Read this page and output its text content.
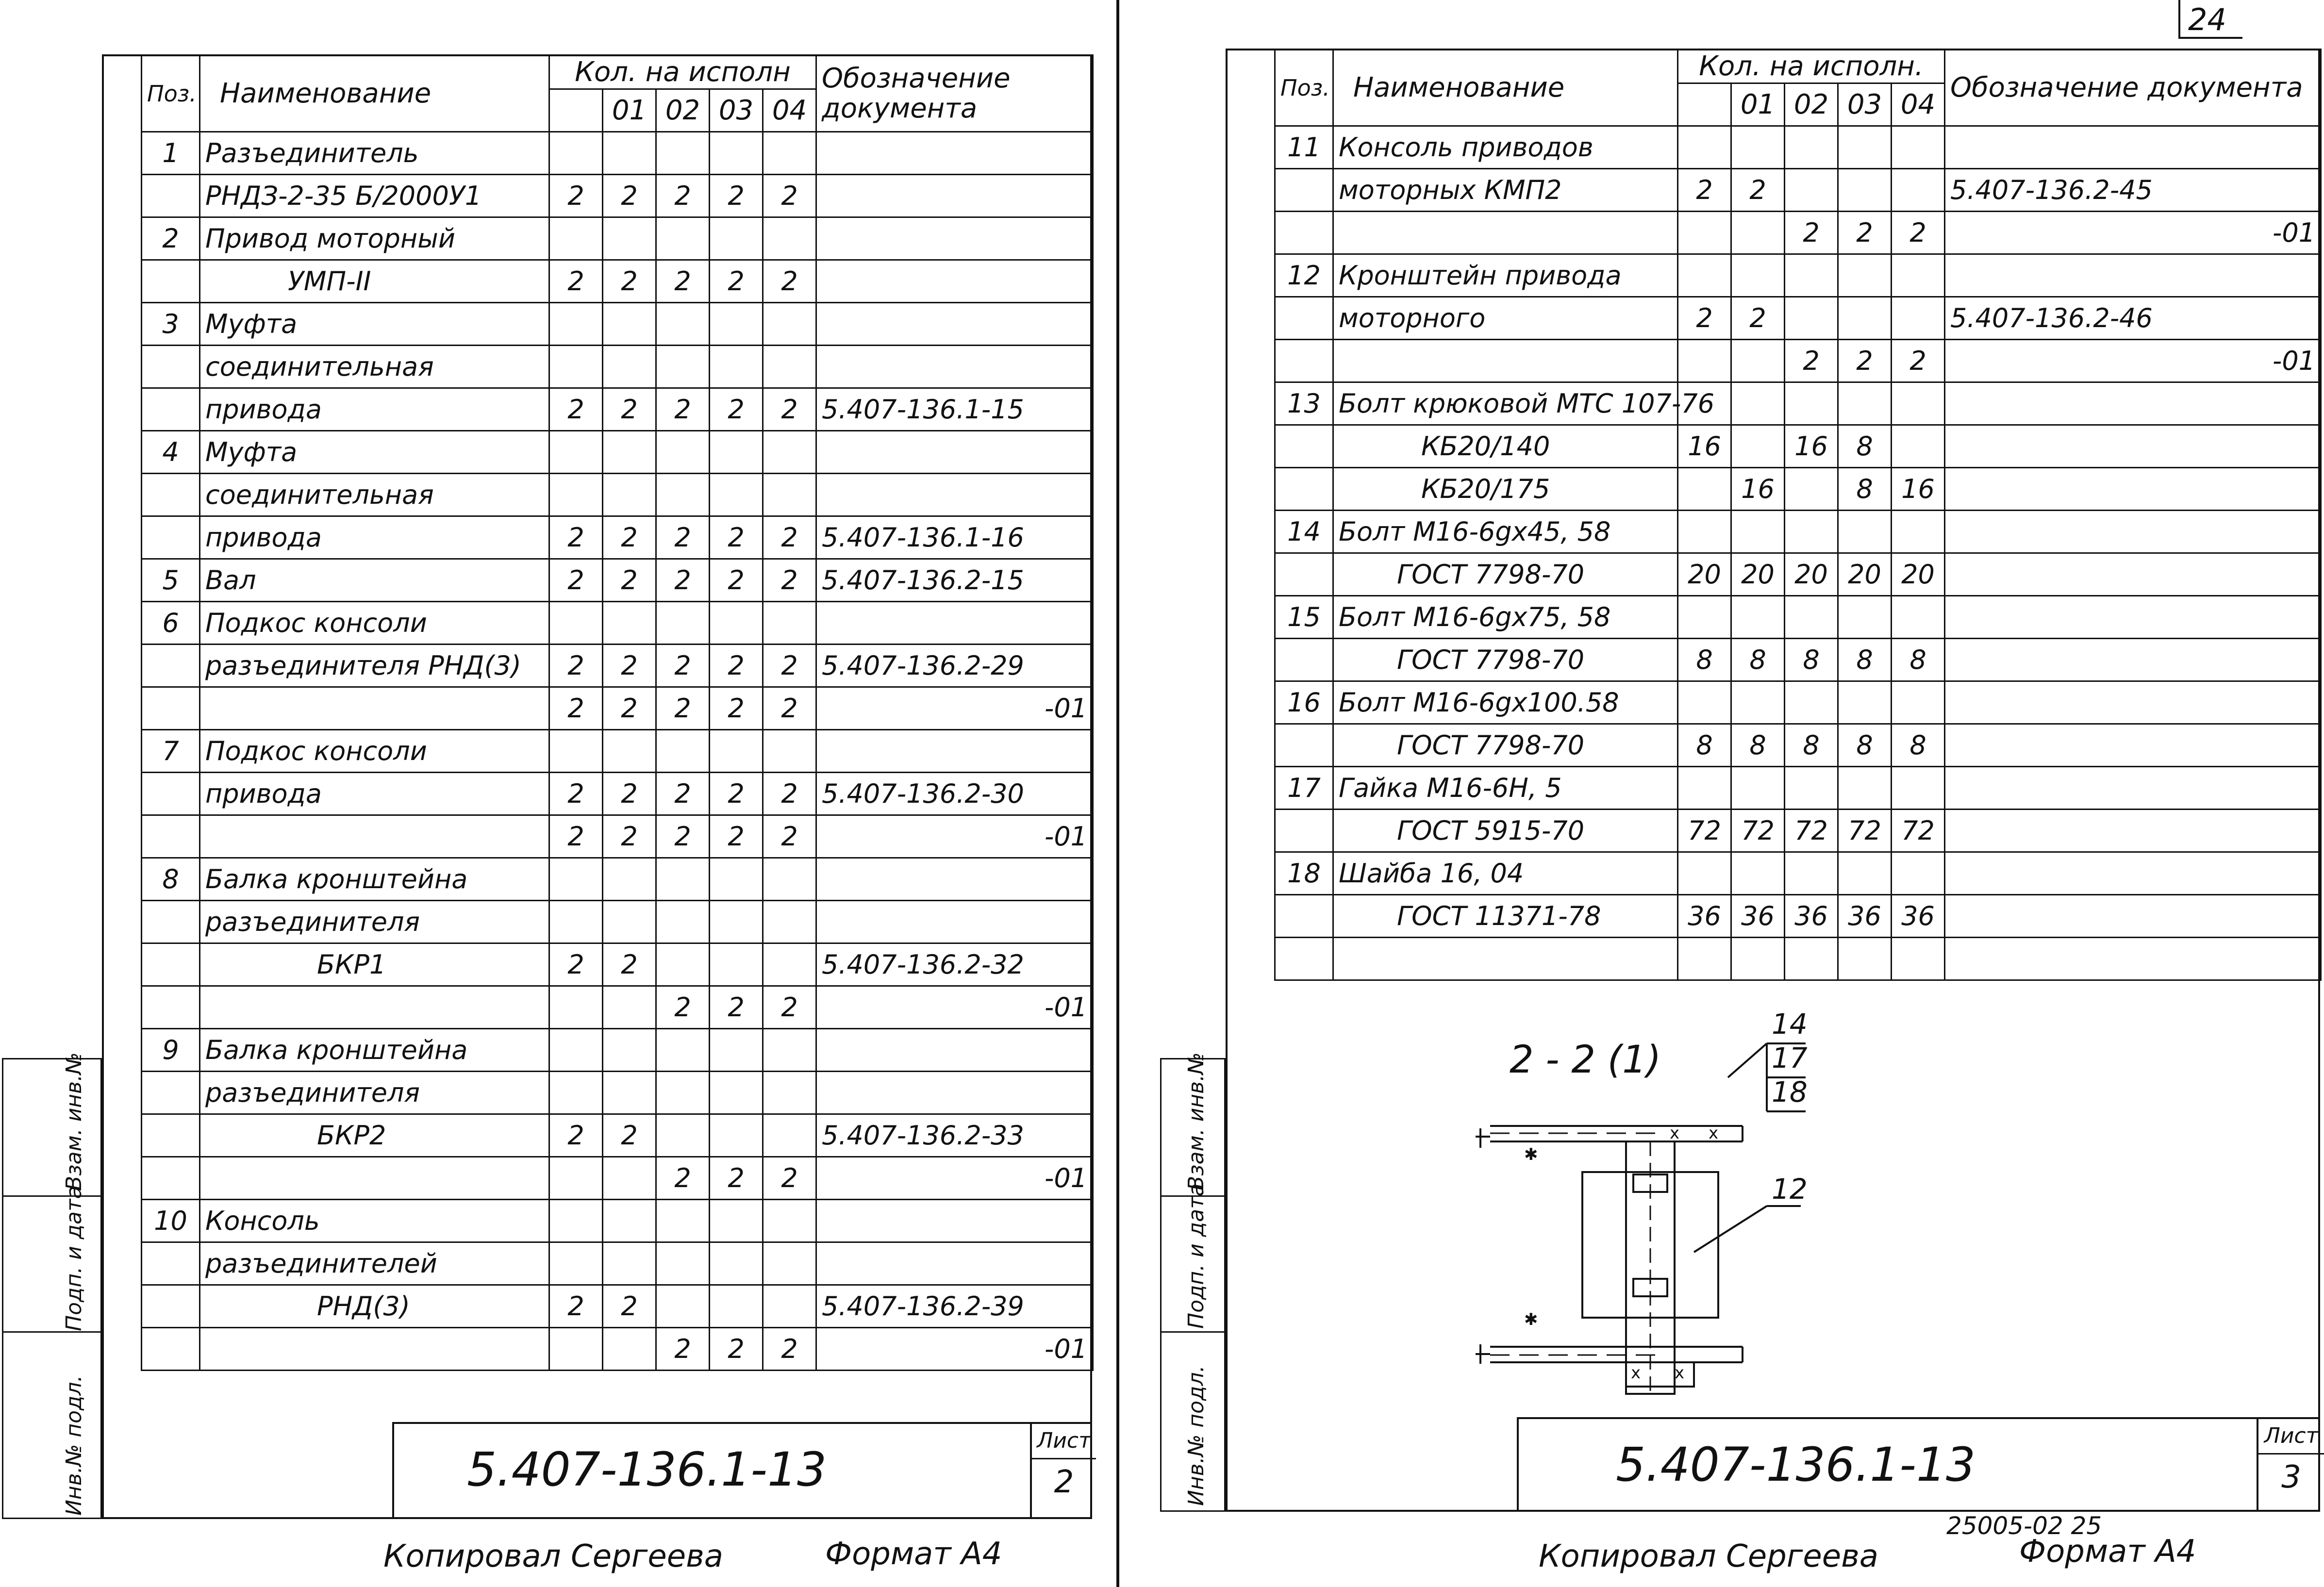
24
Инв.№ подл.
Подп. и дата
Взам. инв.№
Поз.	Наименование	Кол. на исполн					Обозначение документа
			01	02	03	04	
1	Разъединитель						
	РНДЗ-2-35 Б/2000У1	2	2	2	2	2	
2	Привод моторный						
	УМП-II	2	2	2	2	2	
3	Муфта						
	соединительная						
	привода	2	2	2	2	2	5.407-136.1-15
4	Муфта						
	соединительная						
	привода	2	2	2	2	2	5.407-136.1-16
5	Вал	2	2	2	2	2	5.407-136.2-15
6	Подкос консоли						
	разъединителя РНД(3)	2	2	2	2	2	5.407-136.2-29
		2	2	2	2	2	-01
7	Подкос консоли						
	привода	2	2	2	2	2	5.407-136.2-30
		2	2	2	2	2	-01
8	Балка кронштейна						
	разъединителя						
	БКР1	2	2				5.407-136.2-32
				2	2	2	-01
9	Балка кронштейна						
	разъединителя						
	БКР2	2	2				5.407-136.2-33
				2	2	2	-01
10	Консоль						
	разъединителей						
	РНД(3)	2	2				5.407-136.2-39
				2	2	2	-01
5.407-136.1-13
Лист
2
Копировал Сергеева	Формат А4
Инв.№ подл.
Подп. и дата
Взам. инв.№
Поз.	Наименование	Кол. на исполн.					Обозначение документа
			01	02	03	04	
11	Консоль приводов						
	моторных КМП2	2	2				5.407-136.2-45
				2	2	2	-01
12	Кронштейн привода						
	моторного	2	2				5.407-136.2-46
				2	2	2	-01
13	Болт крюковой МТС 107-76						
	КБ20/140	16		16	8		
	КБ20/175		16		8	16	
14	Болт М16-6gx45, 58						
	ГОСТ 7798-70	20	20	20	20	20	
15	Болт М16-6gx75, 58						
	ГОСТ 7798-70	8	8	8	8	8	
16	Болт М16-6gx100.58						
	ГОСТ 7798-70	8	8	8	8	8	
17	Гайка М16-6Н, 5						
	ГОСТ 5915-70	72	72	72	72	72	
18	Шайба 16, 04						
	ГОСТ 11371-78	36	36	36	36	36	

2 - 2 (1)
14
17
18
12
x x
x x
✱
✱
5.407-136.1-13
Лист
3
25005-02 25
Копировал Сергеева	Формат А4
